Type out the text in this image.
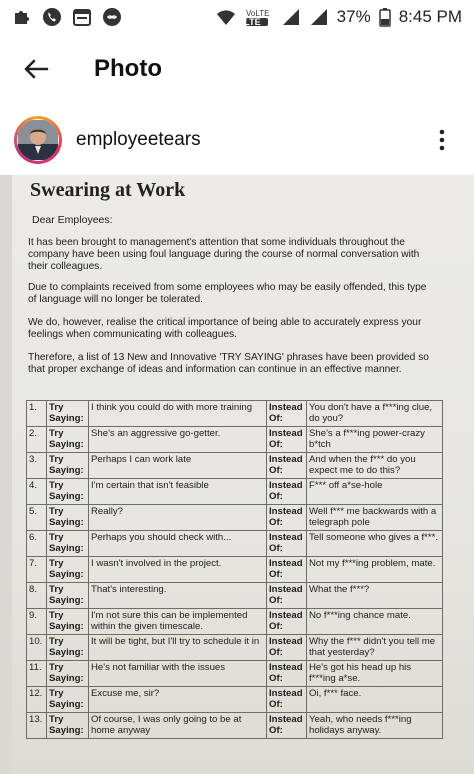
VoLTE
LTE	37% 8:45 PM
Photo
employeetears
Swearing at Work
Dear Employees:
It has been brought to management's attention that some individuals throughout the company have been using foul language during the course of normal conversation with their colleagues.
Due to complaints received from some employees who may be easily offended, this type of language will no longer be tolerated.
We do, however, realise the critical importance of being able to accurately express your feelings when communicating with colleagues.
Therefore, a list of 13 New and Innovative 'TRY SAYING' phrases have been provided so that proper exchange of ideas and information can continue in an effective manner.
1.	Try Saying:	I think you could do with more training	Instead Of:	You don't have a f***ing clue, do you?
2.	Try Saying:	She's an aggressive go-getter.	Instead Of:	She's a f***ing power-crazy b*tch
3.	Try Saying:	Perhaps I can work late	Instead Of:	And when the f*** do you expect me to do this?
4.	Try Saying:	I'm certain that isn't feasible	Instead Of:	F*** off a*se-hole
5.	Try Saying:	Really?	Instead Of:	Well f*** me backwards with a telegraph pole
6.	Try Saying:	Perhaps you should check with...	Instead Of:	Tell someone who gives a f***.
7.	Try Saying:	I wasn't involved in the project.	Instead Of:	Not my f***ing problem, mate.
8.	Try Saying:	That's interesting.	Instead Of:	What the f***?
9.	Try Saying:	I'm not sure this can be implemented within the given timescale.	Instead Of:	No f***ing chance mate.
10.	Try Saying:	It will be tight, but I'll try to schedule it in	Instead Of:	Why the f*** didn't you tell me that yesterday?
11.	Try Saying:	He's not familiar with the issues	Instead Of:	He's got his head up his f***ing a*se.
12.	Try Saying:	Excuse me, sir?	Instead Of:	Oi, f*** face.
13.	Try Saying:	Of course, I was only going to be at home anyway	Instead Of:	Yeah, who needs f***ing holidays anyway.
